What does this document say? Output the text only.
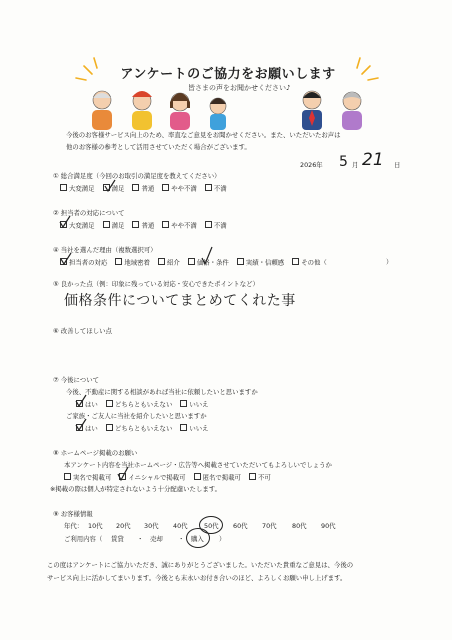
アンケートのご協力をお願いします
皆さまの声をお聞かせください♪
今後のお客様サービス向上のため、率直なご意見をお聞かせください。また、いただいたお声は
他のお客様の参考として活用させていただく場合がございます。
2026年 5 月 21 日
① 総合満足度（今回のお取引の満足度を教えてください）
大変満足	満足	普通	やや不満	不満
② 担当者の対応について
大変満足	満足	普通	やや不満	不満
④ 当社を選んだ理由（複数選択可）
担当者の対応	地域密着	紹介	価格・条件	実績・信頼感	その他（	）
⑤ 良かった点（例：印象に残っている対応・安心できたポイントなど）
価格条件についてまとめてくれた事
⑥ 改善してほしい点
⑦ 今後について
今後、不動産に関する相談があれば当社に依頼したいと思いますか
はい	どちらともいえない	いいえ
ご家族・ご友人に当社を紹介したいと思いますか
はい	どちらともいえない	いいえ
⑧ ホームページ掲載のお願い
本アンケート内容を当社ホームページ・広告等へ掲載させていただいてもよろしいでしょうか
実名で掲載可	イニシャルで掲載可	匿名で掲載可	不可
※掲載の際は個人が特定されないよう十分配慮いたします。
⑨ お客様情報
年代： 10代 20代 30代 40代	50代 60代 70代 80代 90代
ご利用内容（ 賃貸 ・ 売却 ・ 購入 ）
この度はアンケートにご協力いただき、誠にありがとうございました。いただいた貴重なご意見は、今後の
サービス向上に活かしてまいります。今後とも末永いお付き合いのほど、よろしくお願い申し上げます。
